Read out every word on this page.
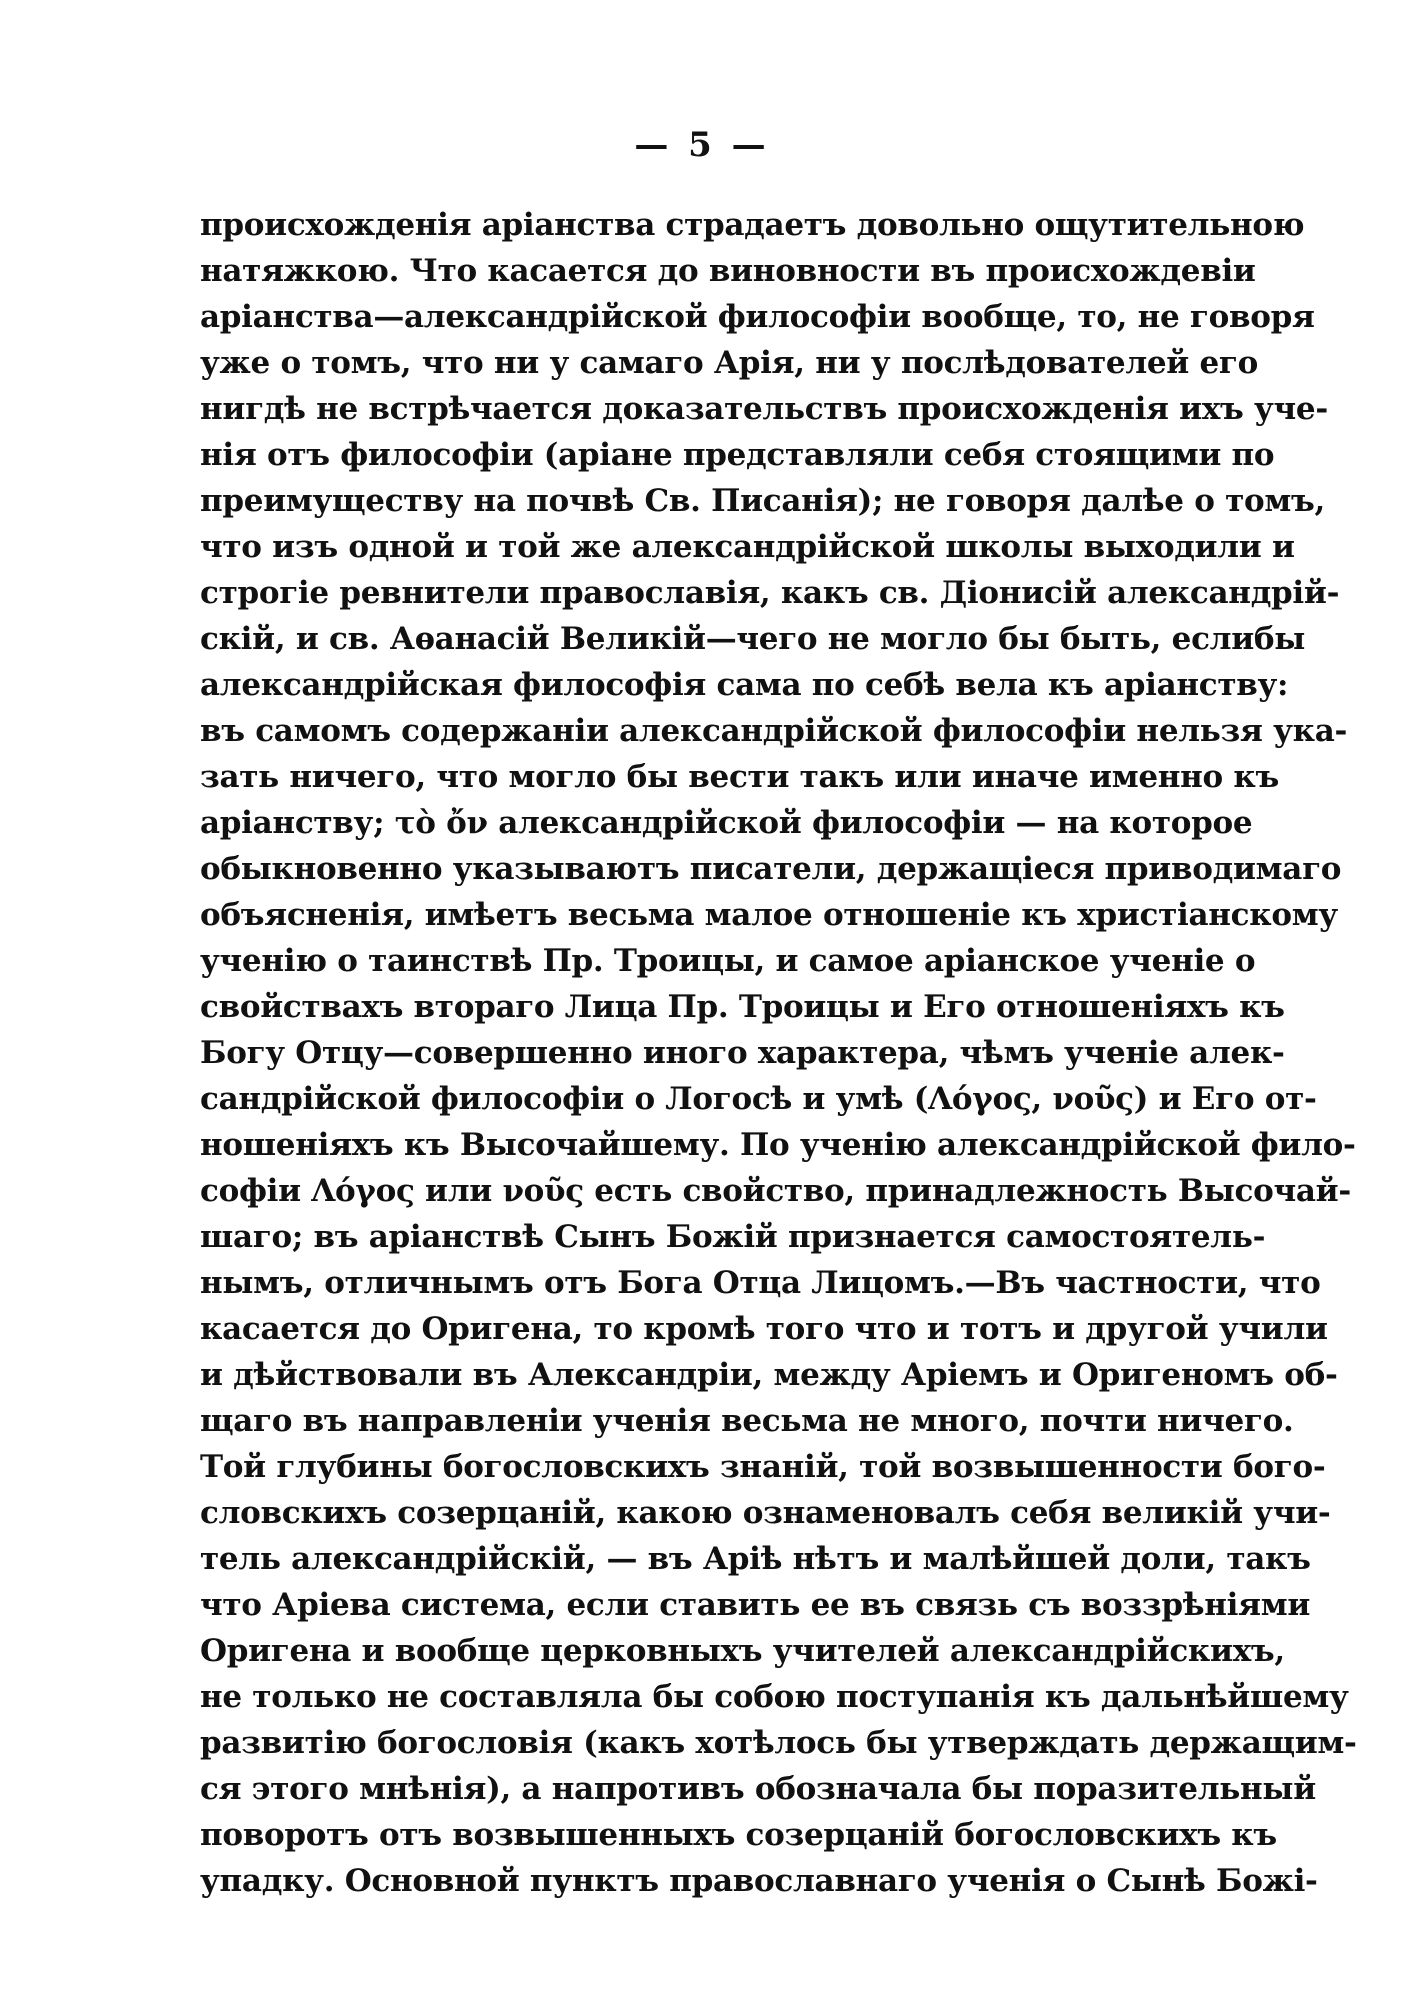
— 5 —
происхожденія аріанства страдаетъ довольно ощутительною
натяжкою. Что касается до виновности въ происхождевіи
аріанства—александрійской философіи вообще, то, не говоря
уже о томъ, что ни у самаго Арія, ни у послѣдователей его
нигдѣ не встрѣчается доказательствъ происхожденія ихъ уче-
нія отъ философіи (аріане представляли себя стоящими по
преимуществу на почвѣ Св. Писанія); не говоря далѣе о томъ,
что изъ одной и той же александрійской школы выходили и
строгіе ревнители православія, какъ св. Діонисій александрій-
скій, и св. Аѳанасій Великій—чего не могло бы быть, еслибы
александрійская философія сама по себѣ вела къ аріанству:
въ самомъ содержаніи александрійской философіи нельзя ука-
зать ничего, что могло бы вести такъ или иначе именно къ
аріанству; τὸ ὄν александрійской философіи — на которое
обыкновенно указываютъ писатели, держащіеся приводимаго
объясненія, имѣетъ весьма малое отношеніе къ христіанскому
ученію о таинствѣ Пр. Троицы, и самое аріанское ученіе о
свойствахъ втораго Лица Пр. Троицы и Его отношеніяхъ къ
Богу Отцу—совершенно иного характера, чѣмъ ученіе алек-
сандрійской философіи о Логосѣ и умѣ (Λόγος, νοῦς) и Его от-
ношеніяхъ къ Высочайшему. По ученію александрійской фило-
софіи Λόγος или νοῦς есть свойство, принадлежность Высочай-
шаго; въ аріанствѣ Сынъ Божій признается самостоятель-
нымъ, отличнымъ отъ Бога Отца Лицомъ.—Въ частности, что
касается до Оригена, то кромѣ того что и тотъ и другой учили
и дѣйствовали въ Александріи, между Аріемъ и Оригеномъ об-
щаго въ направленіи ученія весьма не много, почти ничего.
Той глубины богословскихъ знаній, той возвышенности бого-
словскихъ созерцаній, какою ознаменовалъ себя великій учи-
тель александрійскій, — въ Аріѣ нѣтъ и малѣйшей доли, такъ
что Аріева система, если ставить ее въ связь съ воззрѣніями
Оригена и вообще церковныхъ учителей александрійскихъ,
не только не составляла бы собою поступанія къ дальнѣйшему
развитію богословія (какъ хотѣлось бы утверждать держащим-
ся этого мнѣнія), а напротивъ обозначала бы поразительный
поворотъ отъ возвышенныхъ созерцаній богословскихъ къ
упадку. Основной пунктъ православнаго ученія о Сынѣ Божі-
